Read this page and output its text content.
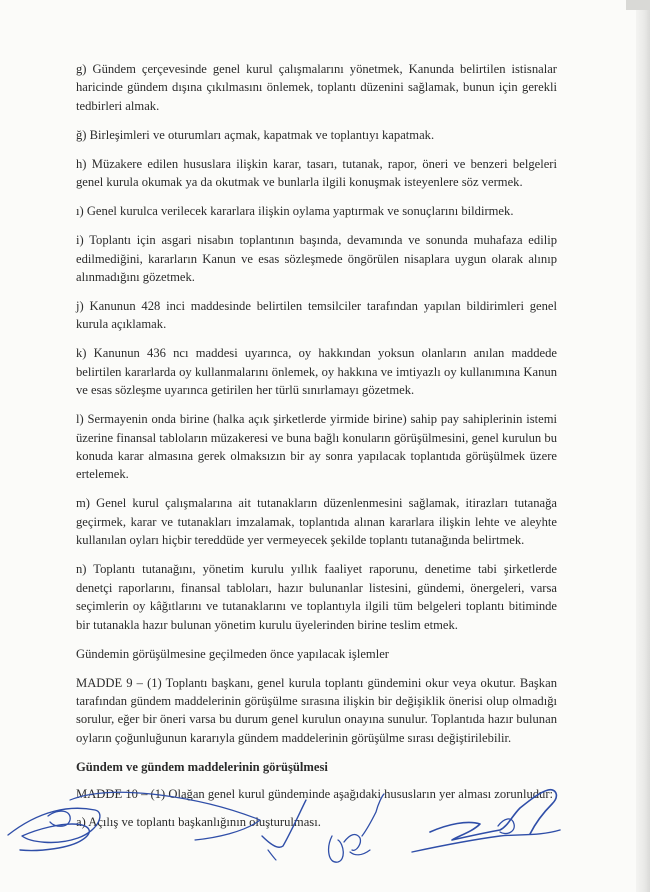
g) Gündem çerçevesinde genel kurul çalışmalarını yönetmek, Kanunda belirtilen istisnalar haricinde gündem dışına çıkılmasını önlemek, toplantı düzenini sağlamak, bunun için gerekli tedbirleri almak.

ğ) Birleşimleri ve oturumları açmak, kapatmak ve toplantıyı kapatmak.

h) Müzakere edilen hususlara ilişkin karar, tasarı, tutanak, rapor, öneri ve benzeri belgeleri genel kurula okumak ya da okutmak ve bunlarla ilgili konuşmak isteyenlere söz vermek.

ı) Genel kurulca verilecek kararlara ilişkin oylama yaptırmak ve sonuçlarını bildirmek.

i) Toplantı için asgari nisabın toplantının başında, devamında ve sonunda muhafaza edilip edilmediğini, kararların Kanun ve esas sözleşmede öngörülen nisaplara uygun olarak alınıp alınmadığını gözetmek.

j) Kanunun 428 inci maddesinde belirtilen temsilciler tarafından yapılan bildirimleri genel kurula açıklamak.

k) Kanunun 436 ncı maddesi uyarınca, oy hakkından yoksun olanların anılan maddede belirtilen kararlarda oy kullanmalarını önlemek, oy hakkına ve imtiyazlı oy kullanımına Kanun ve esas sözleşme uyarınca getirilen her türlü sınırlamayı gözetmek.

l) Sermayenin onda birine (halka açık şirketlerde yirmide birine) sahip pay sahiplerinin istemi üzerine finansal tabloların müzakeresi ve buna bağlı konuların görüşülmesini, genel kurulun bu konuda karar almasına gerek olmaksızın bir ay sonra yapılacak toplantıda görüşülmek üzere ertelemek.

m) Genel kurul çalışmalarına ait tutanakların düzenlenmesini sağlamak, itirazları tutanağa geçirmek, karar ve tutanakları imzalamak, toplantıda alınan kararlara ilişkin lehte ve aleyhte kullanılan oyları hiçbir tereddüde yer vermeyecek şekilde toplantı tutanağında belirtmek.

n) Toplantı tutanağını, yönetim kurulu yıllık faaliyet raporunu, denetime tabi şirketlerde denetçi raporlarını, finansal tabloları, hazır bulunanlar listesini, gündemi, önergeleri, varsa seçimlerin oy kâğıtlarını ve tutanaklarını ve toplantıyla ilgili tüm belgeleri toplantı bitiminde bir tutanakla hazır bulunan yönetim kurulu üyelerinden birine teslim etmek.

Gündemin görüşülmesine geçilmeden önce yapılacak işlemler

MADDE 9 – (1) Toplantı başkanı, genel kurula toplantı gündemini okur veya okutur. Başkan tarafından gündem maddelerinin görüşülme sırasına ilişkin bir değişiklik önerisi olup olmadığı sorulur, eğer bir öneri varsa bu durum genel kurulun onayına sunulur. Toplantıda hazır bulunan oyların çoğunluğunun kararıyla gündem maddelerinin görüşülme sırası değiştirilebilir.

Gündem ve gündem maddelerinin görüşülmesi

MADDE 10 – (1) Olağan genel kurul gündeminde aşağıdaki hususların yer alması zorunludur:

a) Açılış ve toplantı başkanlığının oluşturulması.
